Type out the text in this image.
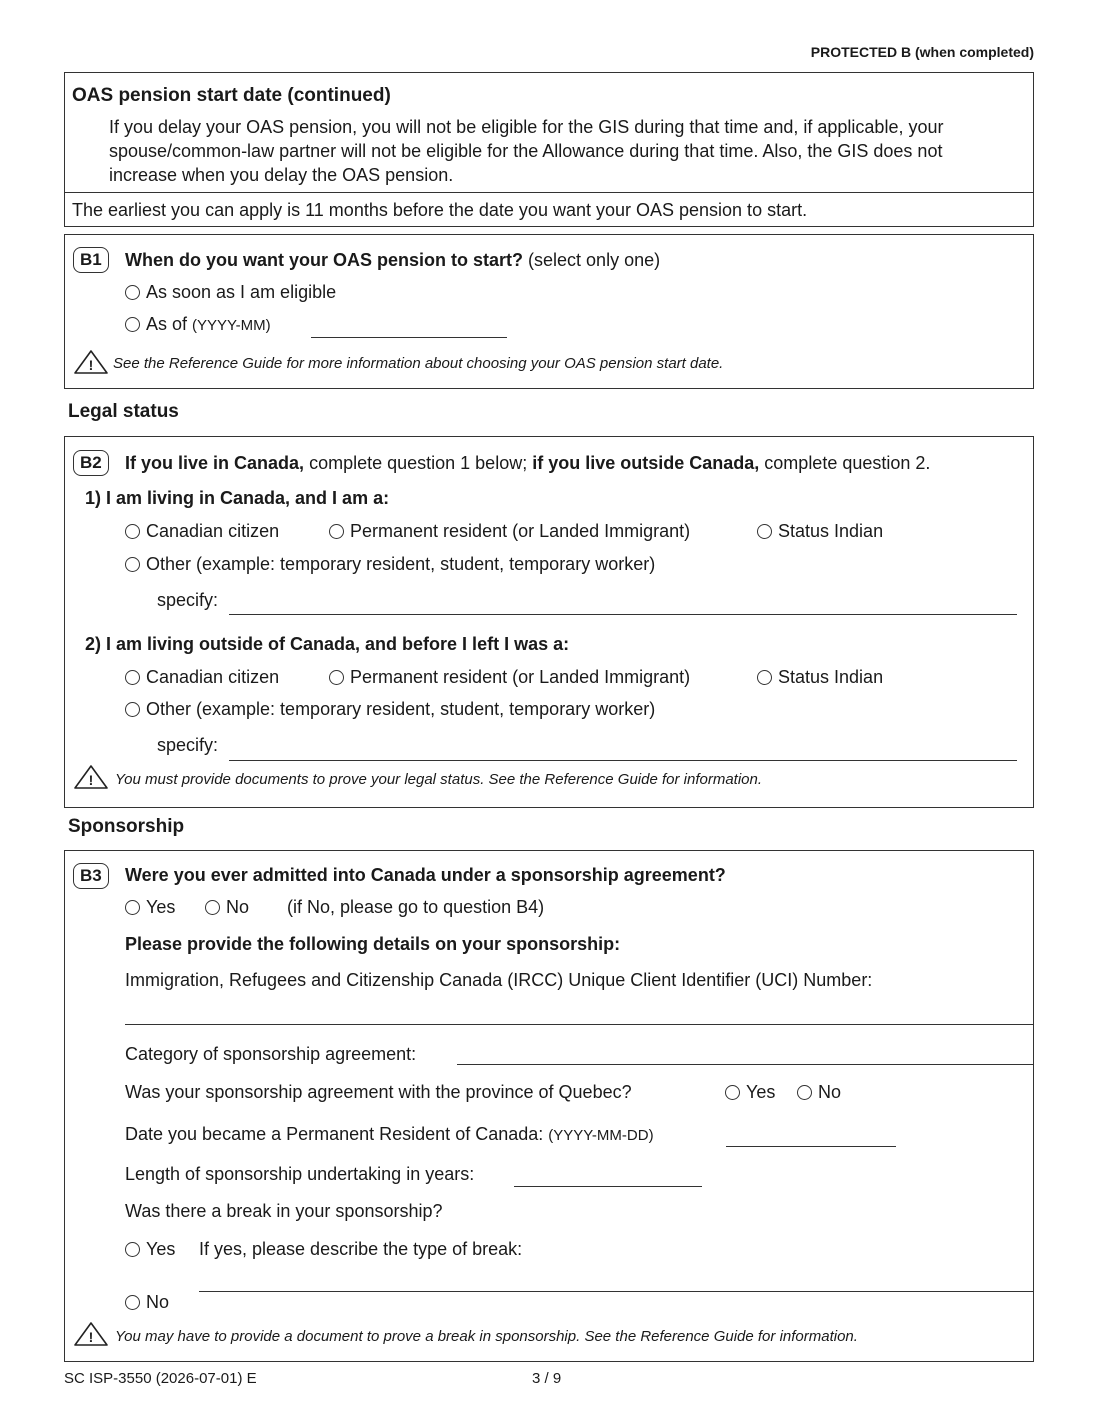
PROTECTED B (when completed)
OAS pension start date (continued)
If you delay your OAS pension, you will not be eligible for the GIS during that time and, if applicable, your
spouse/common-law partner will not be eligible for the Allowance during that time. Also, the GIS does not
increase when you delay the OAS pension.
The earliest you can apply is 11 months before the date you want your OAS pension to start.
B1	When do you want your OAS pension to start? (select only one)
As soon as I am eligible
As of (YYYY-MM)
! See the Reference Guide for more information about choosing your OAS pension start date.
Legal status
B2	If you live in Canada, complete question 1 below; if you live outside Canada, complete question 2.
1) I am living in Canada, and I am a:
Canadian citizen	Permanent resident (or Landed Immigrant)	Status Indian
Other (example: temporary resident, student, temporary worker)
specify:
2) I am living outside of Canada, and before I left I was a:
Canadian citizen	Permanent resident (or Landed Immigrant)	Status Indian
Other (example: temporary resident, student, temporary worker)
specify:
! You must provide documents to prove your legal status. See the Reference Guide for information.
Sponsorship
B3	Were you ever admitted into Canada under a sponsorship agreement?
Yes	No (if No, please go to question B4)
Please provide the following details on your sponsorship:
Immigration, Refugees and Citizenship Canada (IRCC) Unique Client Identifier (UCI) Number:
Category of sponsorship agreement:
Was your sponsorship agreement with the province of Quebec?	Yes	No
Date you became a Permanent Resident of Canada: (YYYY-MM-DD)
Length of sponsorship undertaking in years:
Was there a break in your sponsorship?
Yes If yes, please describe the type of break:
No
! You may have to provide a document to prove a break in sponsorship. See the Reference Guide for information.
SC ISP-3550 (2026-07-01) E	3 / 9
